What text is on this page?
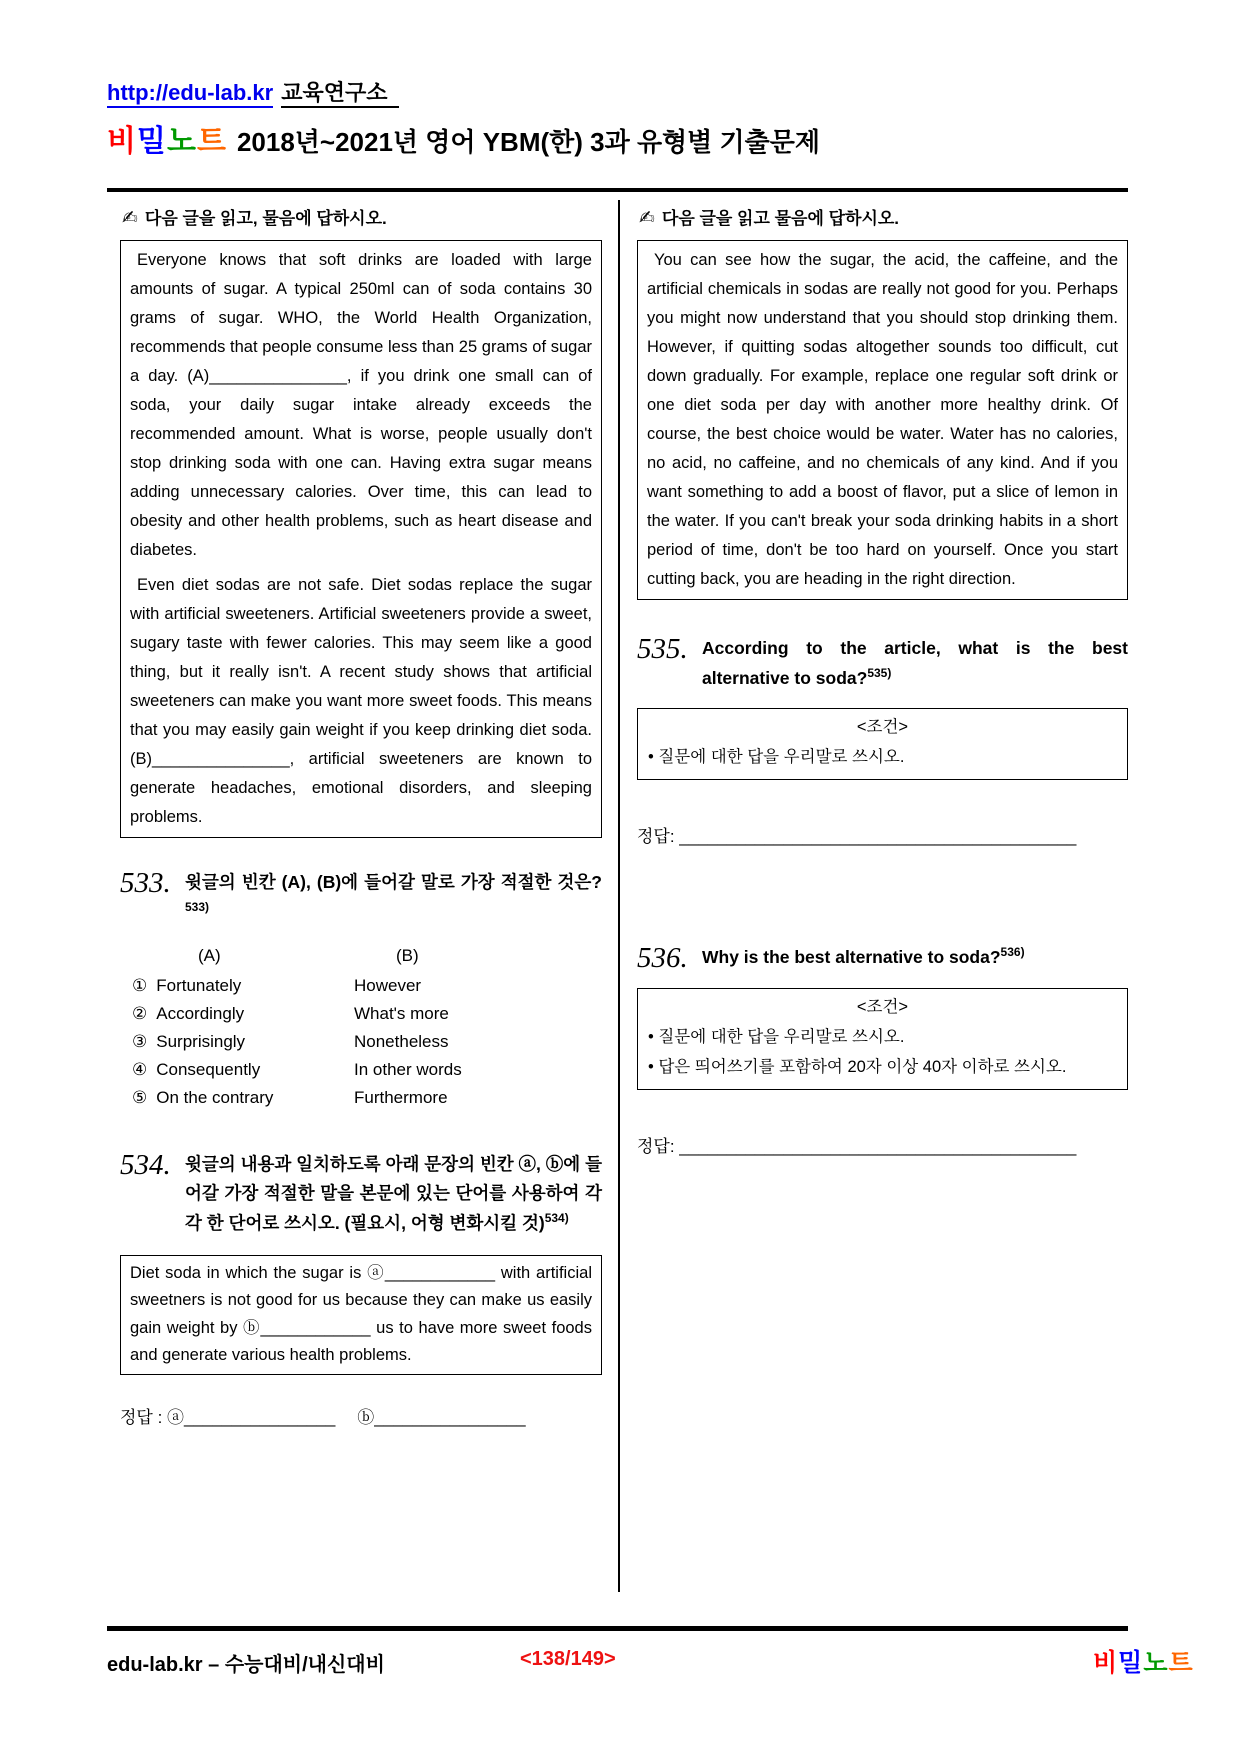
http://edu-lab.kr 교육연구소
비밀노트 2018년~2021년 영어 YBM(한) 3과 유형별 기출문제
✍ 다음 글을 읽고, 물음에 답하시오.

Everyone knows that soft drinks are loaded with large amounts of sugar. A typical 250ml can of soda contains 30 grams of sugar. WHO, the World Health Organization, recommends that people consume less than 25 grams of sugar a day. (A)_______________, if you drink one small can of soda, your daily sugar intake already exceeds the recommended amount. What is worse, people usually don't stop drinking soda with one can. Having extra sugar means adding unnecessary calories. Over time, this can lead to obesity and other health problems, such as heart disease and diabetes.

Even diet sodas are not safe. Diet sodas replace the sugar with artificial sweeteners. Artificial sweeteners provide a sweet, sugary taste with fewer calories. This may seem like a good thing, but it really isn't. A recent study shows that artificial sweeteners can make you want more sweet foods. This means that you may easily gain weight if you keep drinking diet soda. (B)_______________, artificial sweeteners are known to generate headaches, emotional disorders, and sleeping problems.

533. 윗글의 빈칸 (A), (B)에 들어갈 말로 가장 적절한 것은?$^{533)}$
(A)	(B)
① Fortunately	However
② Accordingly	What's more
③ Surprisingly	Nonetheless
④ Consequently	In other words
⑤ On the contrary	Furthermore
534. 윗글의 내용과 일치하도록 아래 문장의 빈칸 ⓐ, ⓑ에 들어갈 가장 적절한 말을 본문에 있는 단어를 사용하여 각각 한 단어로 쓰시오. (필요시, 어형 변화시킬 것)$^{534)}$
Diet soda in which the sugar is ⓐ____________ with artificial sweetners is not good for us because they can make us easily gain weight by ⓑ____________ us to have more sweet foods and generate various health problems.
정답 : ⓐ________________ ⓑ________________
✍ 다음 글을 읽고 물음에 답하시오.

You can see how the sugar, the acid, the caffeine, and the artificial chemicals in sodas are really not good for you. Perhaps you might now understand that you should stop drinking them. However, if quitting sodas altogether sounds too difficult, cut down gradually. For example, replace one regular soft drink or one diet soda per day with another more healthy drink. Of course, the best choice would be water. Water has no calories, no acid, no caffeine, and no chemicals of any kind. And if you want something to add a boost of flavor, put a slice of lemon in the water. If you can't break your soda drinking habits in a short period of time, don't be too hard on yourself. Once you start cutting back, you are heading in the right direction.

535. According to the article, what is the best alternative to soda?$^{535)}$
<조건>
• 질문에 대한 답을 우리말로 쓰시오.
정답: __________________________________________
536. Why is the best alternative to soda?$^{536)}$
<조건>
• 질문에 대한 답을 우리말로 쓰시오.
• 답은 띄어쓰기를 포함하여 20자 이상 40자 이하로 쓰시오.
정답: __________________________________________
edu-lab.kr – 수능대비/내신대비	<138/149>	비밀노트
